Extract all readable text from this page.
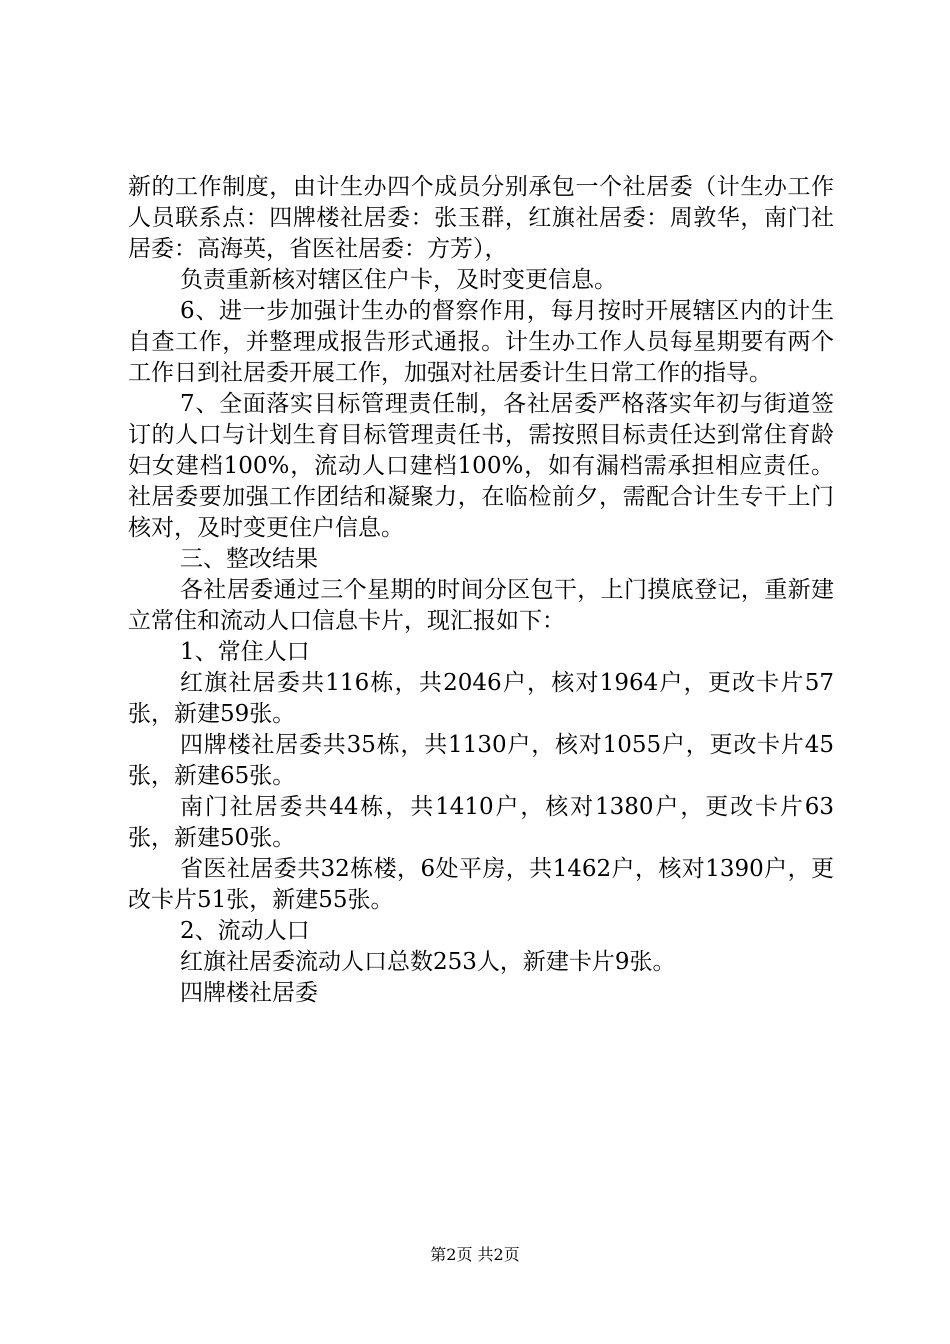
新的工作制度，由计生办四个成员分别承包一个社居委（计生办工作人员联系点：四牌楼社居委：张玉群，红旗社居委：周敦华，南门社居委：高海英，省医社居委：方芳），

负责重新核对辖区住户卡，及时变更信息。

6、进一步加强计生办的督察作用，每月按时开展辖区内的计生自查工作，并整理成报告形式通报。计生办工作人员每星期要有两个工作日到社居委开展工作，加强对社居委计生日常工作的指导。

7、全面落实目标管理责任制，各社居委严格落实年初与街道签订的人口与计划生育目标管理责任书，需按照目标责任达到常住育龄妇女建档100%，流动人口建档100%，如有漏档需承担相应责任。社居委要加强工作团结和凝聚力，在临检前夕，需配合计生专干上门核对，及时变更住户信息。

三、整改结果

各社居委通过三个星期的时间分区包干，上门摸底登记，重新建立常住和流动人口信息卡片，现汇报如下：

1、常住人口

红旗社居委共116栋，共2046户，核对1964户，更改卡片57张，新建59张。

四牌楼社居委共35栋，共1130户，核对1055户，更改卡片45张，新建65张。

南门社居委共44栋，共1410户，核对1380户，更改卡片63张，新建50张。

省医社居委共32栋楼，6处平房，共1462户，核对1390户，更改卡片51张，新建55张。

2、流动人口

红旗社居委流动人口总数253人，新建卡片9张。

四牌楼社居委

第2页 共2页
